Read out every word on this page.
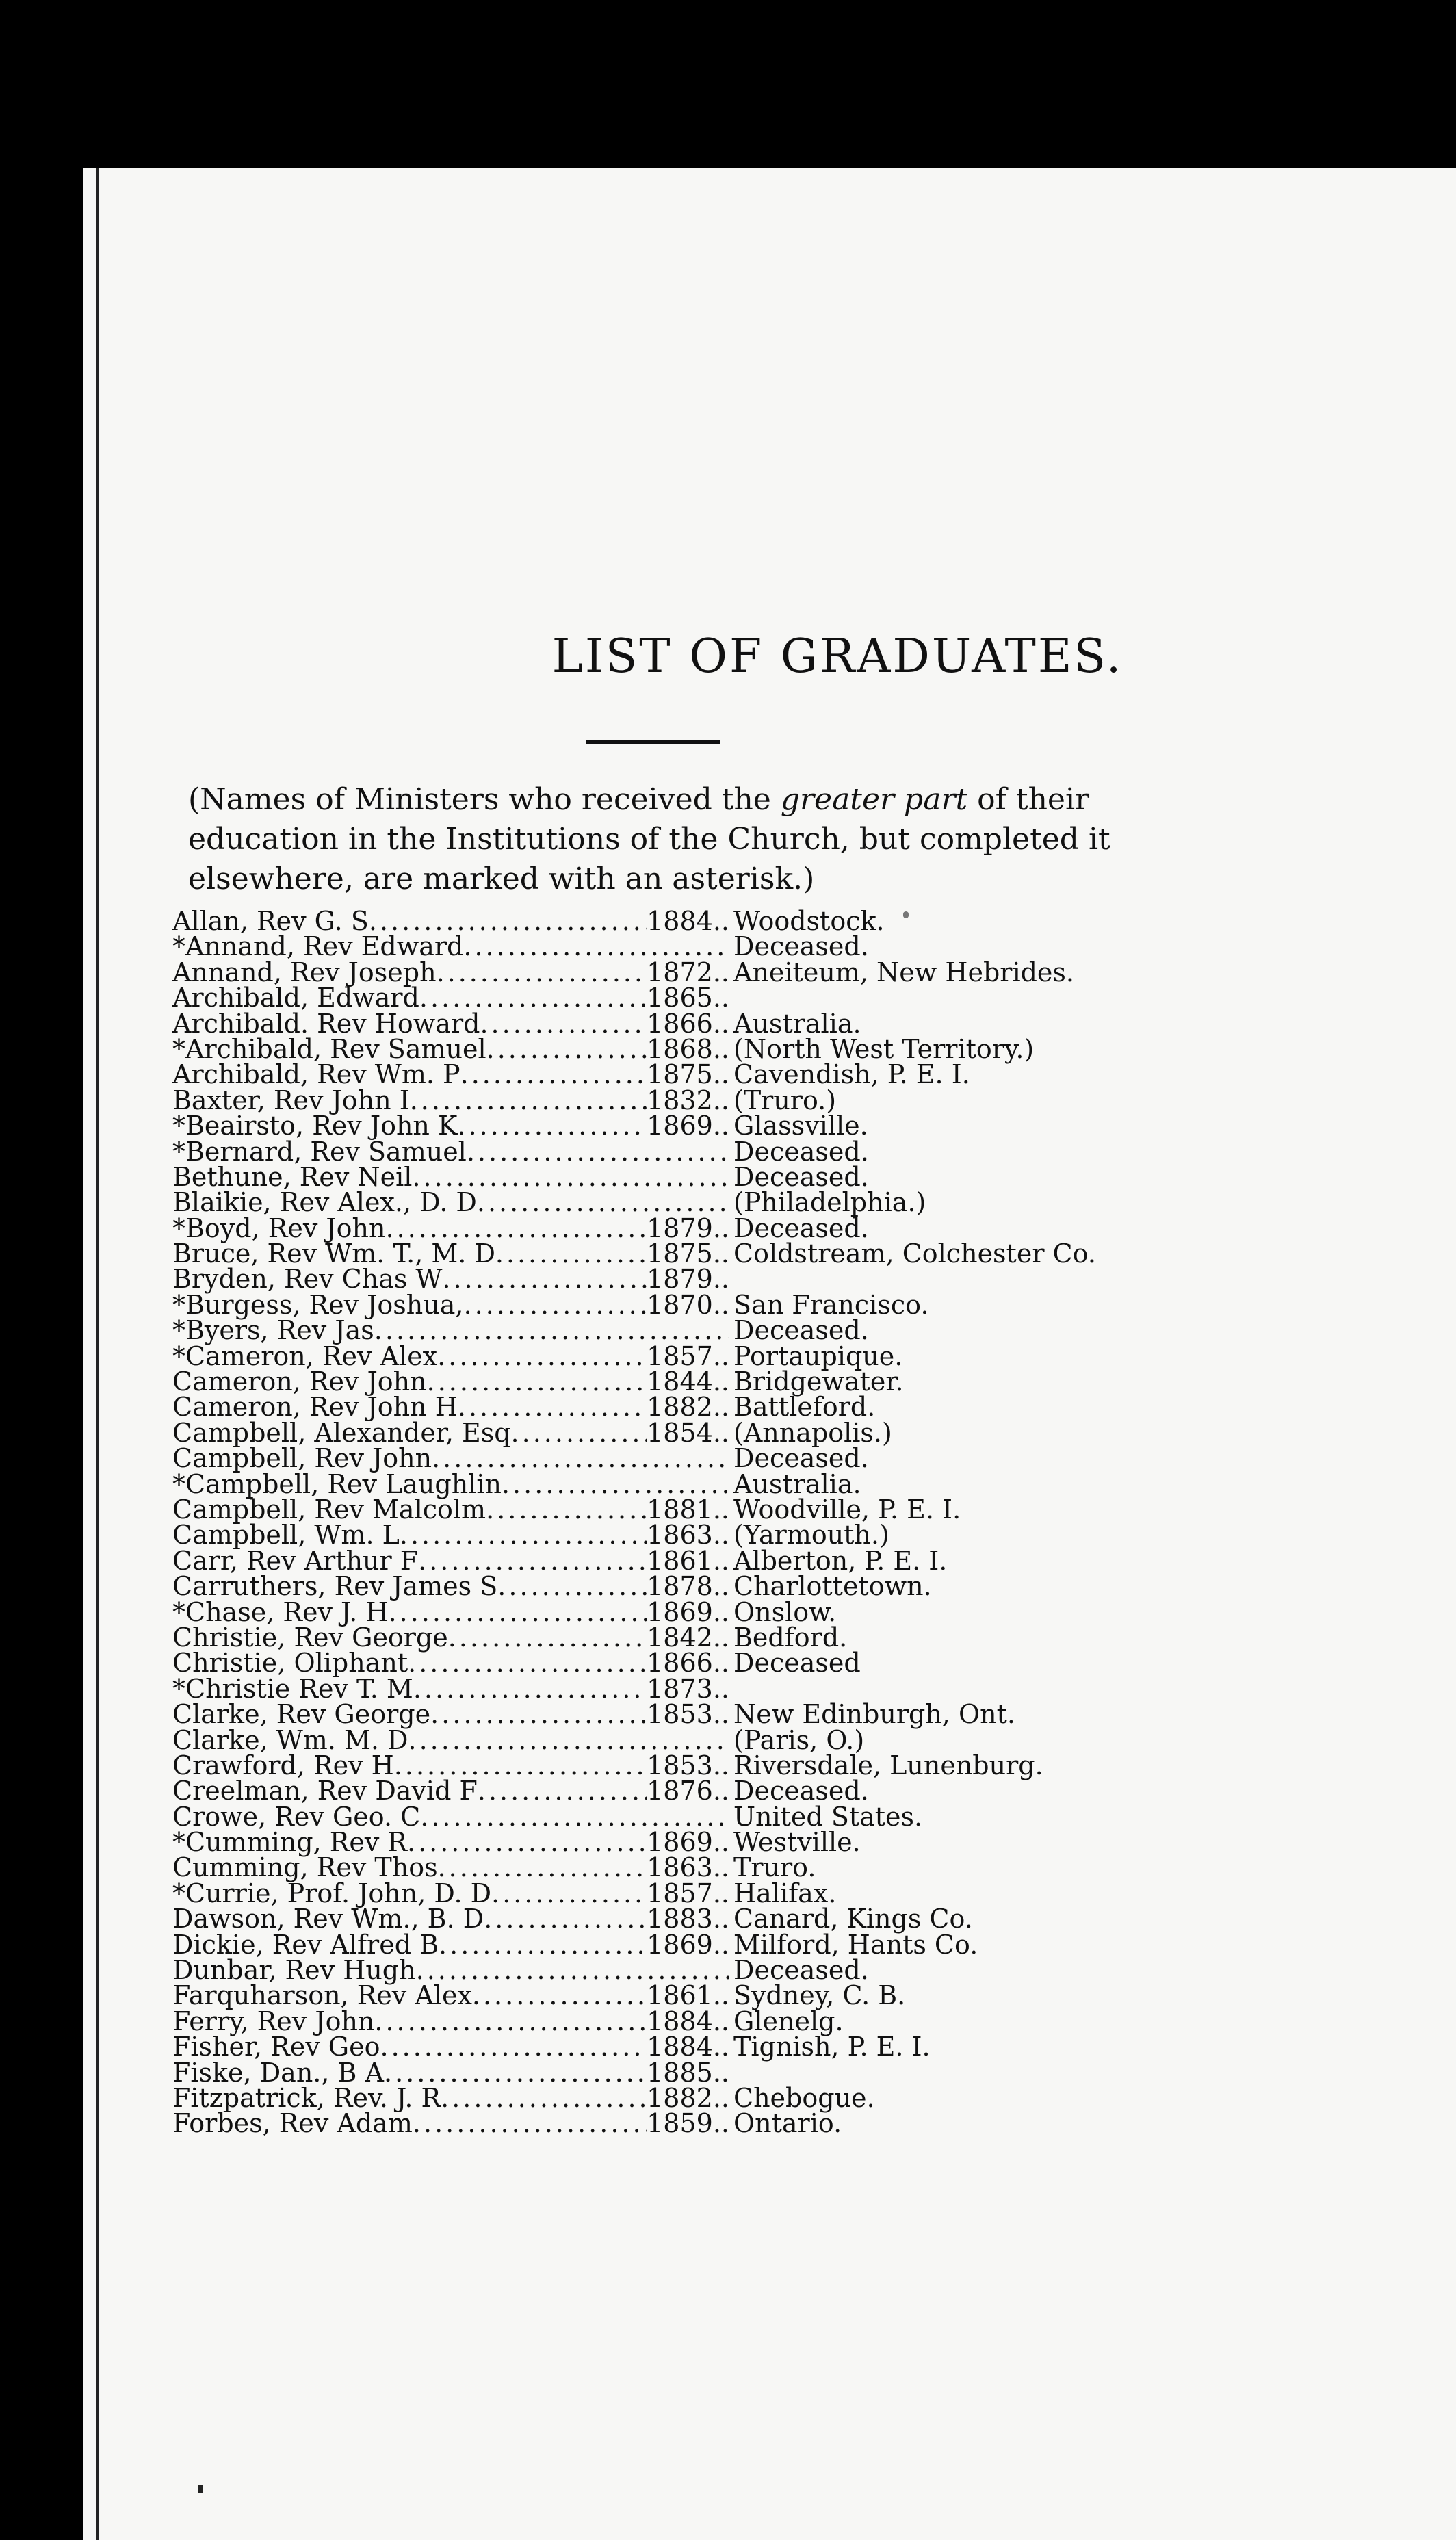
LIST OF GRADUATES.
(Names of Ministers who received the greater part of their education in the Institutions of the Church, but completed it elsewhere, are marked with an asterisk.)
Allan, Rev G. S .....	1884.. Woodstock.
*Annand, Rev Edward .....	Deceased.
Annand, Rev Joseph .....	1872.. Aneiteum, New Hebrides.
Archibald, Edward .....	1865..
Archibald. Rev Howard .....	1866.. Australia.
*Archibald, Rev Samuel .....	1868.. (North West Territory.)
Archibald, Rev Wm. P .....	1875.. Cavendish, P. E. I.
Baxter, Rev John I .....	1832.. (Truro.)
*Beairsto, Rev John K .....	1869.. Glassville.
*Bernard, Rev Samuel .....	Deceased.
Bethune, Rev Neil .....	Deceased.
Blaikie, Rev Alex., D. D .....	(Philadelphia.)
*Boyd, Rev John .....	1879.. Deceased.
Bruce, Rev Wm. T., M. D .....	1875.. Coldstream, Colchester Co.
Bryden, Rev Chas W .....	1879..
*Burgess, Rev Joshua, .....	1870.. San Francisco.
*Byers, Rev Jas .....	Deceased.
*Cameron, Rev Alex .....	1857.. Portaupique.
Cameron, Rev John .....	1844.. Bridgewater.
Cameron, Rev John H .....	1882.. Battleford.
Campbell, Alexander, Esq .....	1854.. (Annapolis.)
Campbell, Rev John .....	Deceased.
*Campbell, Rev Laughlin .....	Australia.
Campbell, Rev Malcolm .....	1881.. Woodville, P. E. I.
Campbell, Wm. L .....	1863.. (Yarmouth.)
Carr, Rev Arthur F .....	1861.. Alberton, P. E. I.
Carruthers, Rev James S .....	1878.. Charlottetown.
*Chase, Rev J. H .....	1869.. Onslow.
Christie, Rev George .....	1842.. Bedford.
Christie, Oliphant .....	1866.. Deceased
*Christie Rev T. M .....	1873..
Clarke, Rev George .....	1853.. New Edinburgh, Ont.
Clarke, Wm. M. D .....	(Paris, O.)
Crawford, Rev H .....	1853.. Riversdale, Lunenburg.
Creelman, Rev David F .....	1876.. Deceased.
Crowe, Rev Geo. C .....	United States.
*Cumming, Rev R .....	1869.. Westville.
Cumming, Rev Thos .....	1863.. Truro.
*Currie, Prof. John, D. D .....	1857.. Halifax.
Dawson, Rev Wm., B. D .....	1883.. Canard, Kings Co.
Dickie, Rev Alfred B .....	1869.. Milford, Hants Co.
Dunbar, Rev Hugh .....	Deceased.
Farquharson, Rev Alex .....	1861.. Sydney, C. B.
Ferry, Rev John .....	1884.. Glenelg.
Fisher, Rev Geo .....	1884.. Tignish, P. E. I.
Fiske, Dan., B A .....	1885..
Fitzpatrick, Rev. J. R .....	1882.. Chebogue.
Forbes, Rev Adam .....	1859.. Ontario.
